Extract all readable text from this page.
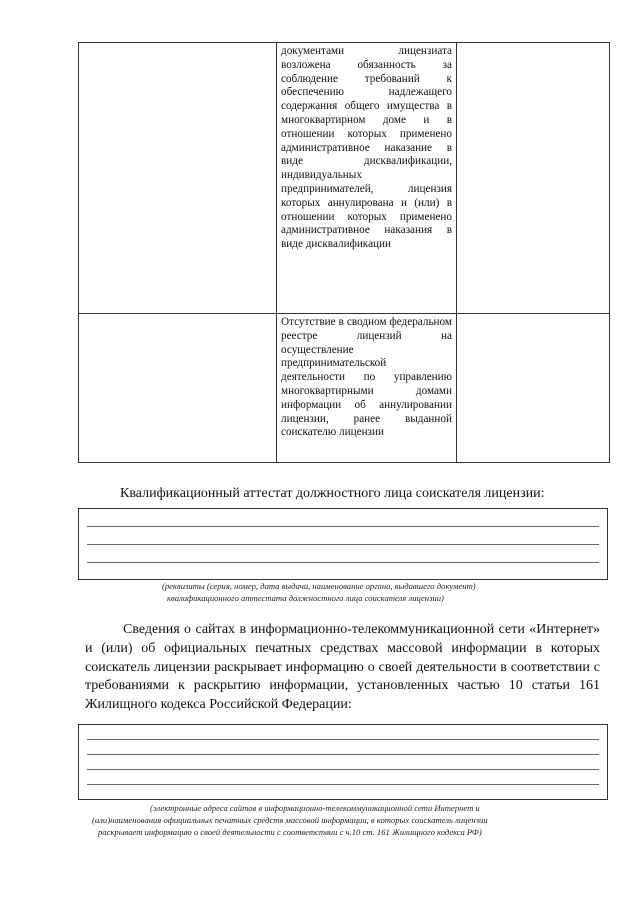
	документами лицензиата возложена обязанность за соблюдение требований к обеспечению надлежащего содержания общего имущества в многоквартирном доме и в отношении которых применено административное наказание в виде дисквалификации, индивидуальных предпринимателей, лицензия которых аннулирована и (или) в отношении которых применено административное наказания в виде дисквалификации	

	Отсутствие в сводном федеральном реестре лицензий на осуществление предпринимательской деятельности по управлению многоквартирными домами информации об аннулировании лицензии, ранее выданной соискателю лицензии	

Квалификационный аттестат должностного лица соискателя лицензии:
(реквизиты (серия, номер, дата выдачи, наименование органа, выдавшего документ)
квалификационного аттестата должностного лица соискателя лицензии)
Сведения о сайтах в информационно-телекоммуникационной сети «Интернет» и (или) об официальных печатных средствах массовой информации в которых соискатель лицензии раскрывает информацию о своей деятельности в соответствии с требованиями к раскрытию информации, установленных частью 10 статьи 161 Жилищного кодекса Российской Федерации:
(электронные адреса сайтов в информационно-телекоммуникационной сети Интернет и
(или)наименования официальных печатных средств массовой информации, в которых соискатель лицензии
раскрывает информацию о своей деятельности с соответствии с ч.10 ст. 161 Жилищного кодекса РФ)
